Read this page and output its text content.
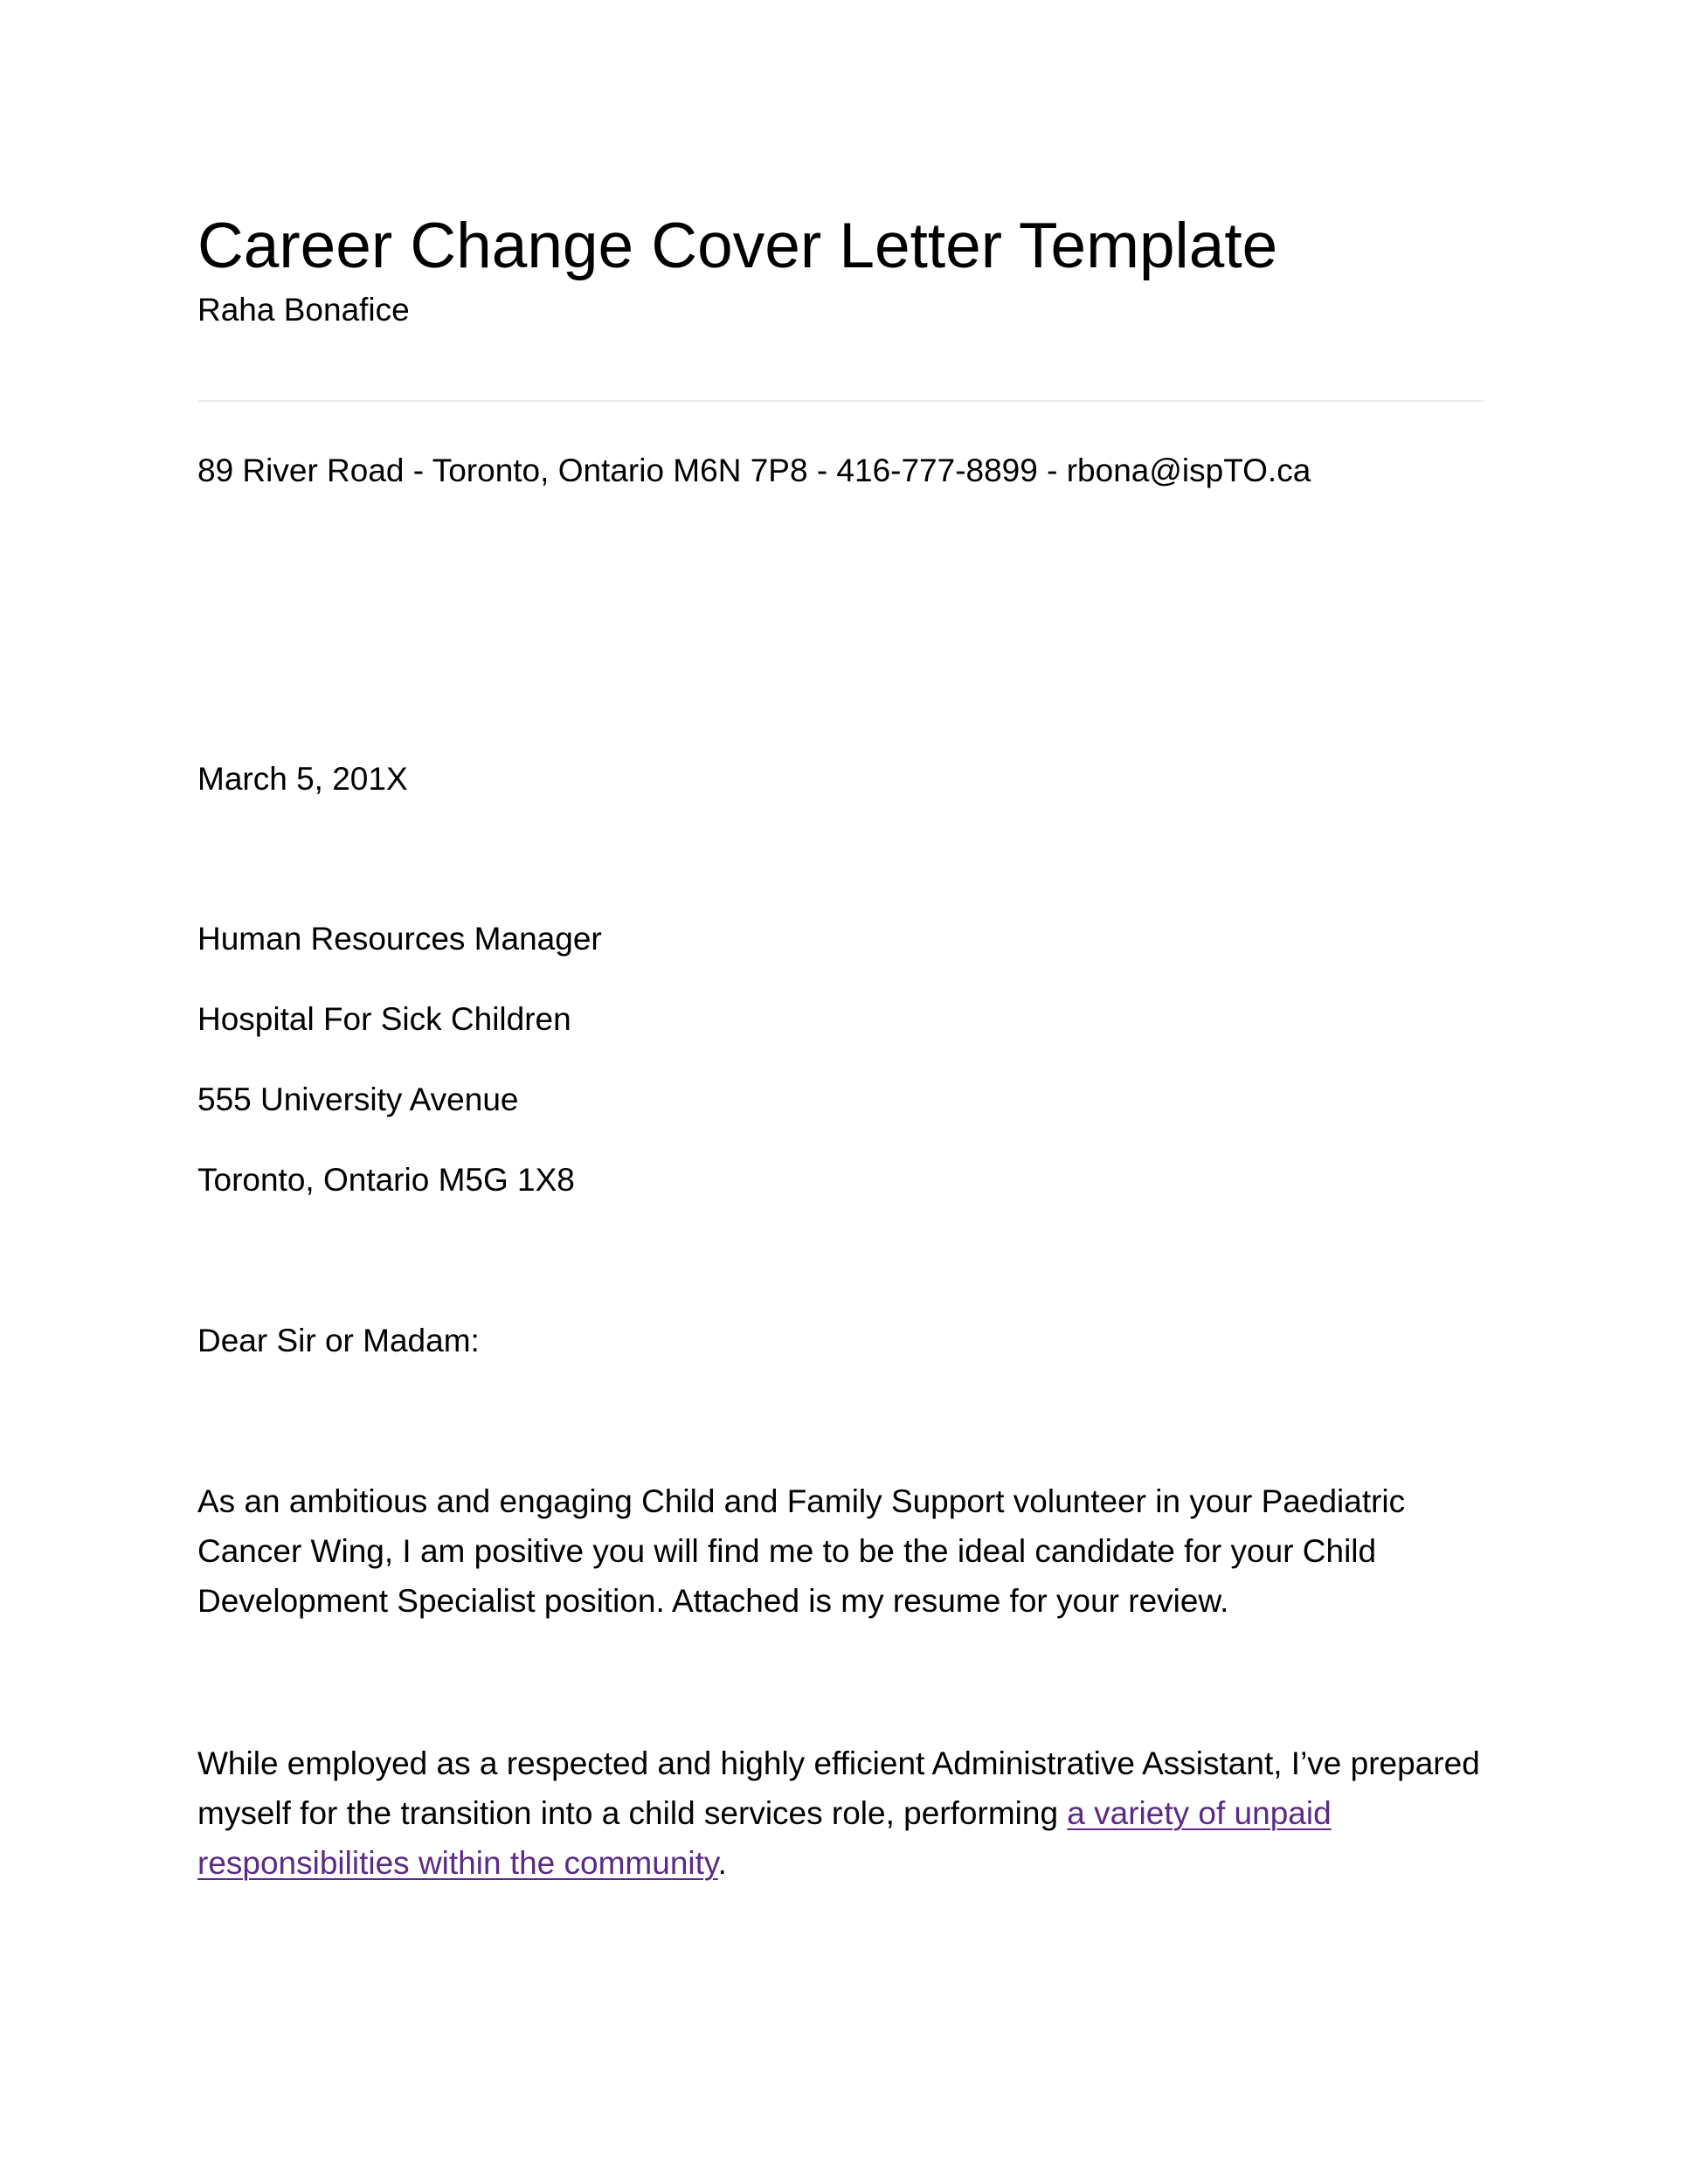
Career Change Cover Letter Template
Raha Bonafice
89 River Road - Toronto, Ontario M6N 7P8 - 416-777-8899 - rbona@ispTO.ca
March 5, 201X
Human Resources Manager
Hospital For Sick Children
555 University Avenue
Toronto, Ontario M5G 1X8
Dear Sir or Madam:

As an ambitious and engaging Child and Family Support volunteer in your Paediatric Cancer Wing, I am positive you will find me to be the ideal candidate for your Child Development Specialist position. Attached is my resume for your review.

While employed as a respected and highly efficient Administrative Assistant, I’ve prepared myself for the transition into a child services role, performing a variety of unpaid responsibilities within the community.
